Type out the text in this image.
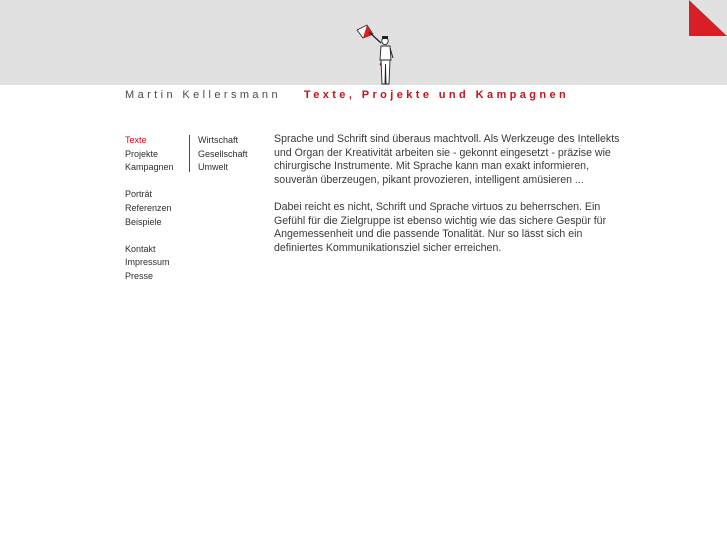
Martin Kellersmann Texte, Projekte und Kampagnen
Texte
Projekte
Kampagnen
Porträt
Referenzen
Beispiele
Kontakt
Impressum
Presse
Wirtschaft
Gesellschaft
Umwelt

Sprache und Schrift sind überaus machtvoll. Als Werkzeuge des Intellekts und Organ der Kreativität arbeiten sie - gekonnt eingesetzt - präzise wie chirurgische Instrumente. Mit Sprache kann man exakt informieren, souverän überzeugen, pikant provozieren, intelligent amüsieren ...

Dabei reicht es nicht, Schrift und Sprache virtuos zu beherrschen. Ein Gefühl für die Zielgruppe ist ebenso wichtig wie das sichere Gespür für Angemessenheit und die passende Tonalität. Nur so lässt sich ein definiertes Kommunikationsziel sicher erreichen.
